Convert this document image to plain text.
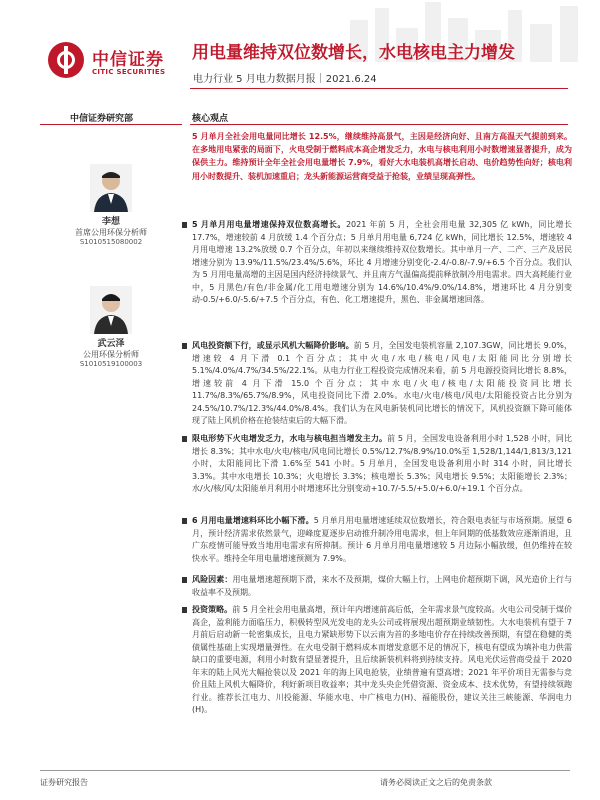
中信证券
CITIC SECURITIES
用电量维持双位数增长，水电核电主力增发
电力行业 5 月电力数据月报｜2021.6.24
中信证券研究部	核心观点
5 月单月全社会用电量同比增长 12.5%，继续维持高景气，主因是经济向好、且南方高温天气提前到来。在多地用电紧张的局面下，火电受制于燃料成本高企增发乏力，水电与核电利用小时数增速显著提升，成为保供主力。维持预计全年全社会用电量增长 7.9%，看好大水电装机高增长启动、电价趋势性向好；核电利用小时数提升、装机加速重启；龙头新能源运营商受益于抢装，业绩呈现高弹性。
李想
首席公用环保分析师
S1010515080002
武云泽
公用环保分析师
S1010519100003
5 月单月用电量增速保持双位数高增长。2021 年前 5 月，全社会用电量 32,305 亿 kWh，同比增长 17.7%，增速较前 4 月放缓 1.4 个百分点；5 月单月用电量 6,724 亿 kWh，同比增长 12.5%，增速较 4 月用电增速 13.2%放缓 0.7 个百分点，年初以来继续维持双位数增长。其中单月一产、二产、三产及居民增速分别为 13.9%/11.5%/23.4%/5.6%，环比 4 月增速分别变化-2.4/-0.8/-7.9/+6.5 个百分点。我们认为 5 月用电量高增的主因是国内经济持续景气、并且南方气温偏高提前释放制冷用电需求。四大高耗能行业中，5 月黑色/有色/非金属/化工用电增速分别为 14.6%/10.4%/9.0%/14.8%，增速环比 4 月分别变动-0.5/+6.0/-5.6/+7.5 个百分点，有色、化工增速提升，黑色、非金属增速回落。
风电投资额下行，或显示风机大幅降价影响。前 5 月，全国发电装机容量 2,107.3GW，同比增长 9.0%，增速较 4 月下滑 0.1 个百分点；其中火电/水电/核电/风电/太阳能同比分别增长 5.1%/4.0%/4.7%/34.5%/22.1%。从电力行业工程投资完成情况来看，前 5 月电源投资同比增长 8.8%，增速较前 4 月下滑 15.0 个百分点；其中水电/火电/核电/太阳能投资同比增长 11.7%/8.3%/65.7%/8.9%，风电投资同比下滑 2.0%。水电/火电/核电/风电/太阳能投资占比分别为 24.5%/10.7%/12.3%/44.0%/8.4%。我们认为在风电新装机同比增长的情况下，风机投资额下降可能体现了陆上风机价格在抢装结束后的大幅下滑。
限电形势下火电增发乏力，水电与核电担当增发主力。前 5 月，全国发电设备利用小时 1,528 小时，同比增长 8.3%；其中水电/火电/核电/风电同比增长 0.5%/12.7%/8.9%/10.0%至 1,528/1,144/1,813/3,121 小时，太阳能同比下滑 1.6%至 541 小时。5 月单月，全国发电设备利用小时 314 小时，同比增长 3.3%。其中水电增长 10.3%；火电增长 3.3%；核电增长 5.3%；风电增长 9.5%；太阳能增长 2.3%；水/火/核/风/太阳能单月利用小时增速环比分别变动+10.7/-5.5/+5.0/+6.0/+19.1 个百分点。
6 月用电量增速料环比小幅下滑。5 月单月用电量增速延续双位数增长，符合限电表征与市场预期。展望 6 月，预计经济需求依然景气，迎峰度夏逐步启动推升制冷用电需求，但上年同期的低基数效应逐渐消退，且广东疫情可能导致当地用电需求有所抑制。预计 6 月单月用电量增速较 5 月边际小幅放缓，但仍维持在较快水平。维持全年用电量增速预测为 7.9%。
风险因素：用电量增速超预期下滑，来水不及预期，煤价大幅上行，上网电价超预期下调，风光造价上行与收益率不及预期。
投资策略。前 5 月全社会用电量高增，预计年内增速前高后低，全年需求景气度较高。火电公司受制于煤价高企，盈利能力面临压力，积极转型风光发电的龙头公司或将展现出超预期业绩韧性。大水电装机有望于 7 月前后启动新一轮密集成长，且电力紧缺形势下以云南为首的多地电价存在持续改善预期，有望在稳健的类债属性基础上实现增量弹性。在火电受制于燃料成本而增发意愿不足的情况下，核电有望成为填补电力供需缺口的重要电源，利用小时数有望显著提升，且后续新装机料将到持续支持。风电光伏运营商受益于 2020 年末的陆上风光大幅抢装以及 2021 年的海上风电抢装，业绩普遍有望高增；2021 年平价项目无需参与竞价且陆上风机大幅降价，利好新项目收益率；其中龙头央企凭借资源、资金成本、技术优势，有望持续领跑行业。推荐长江电力、川投能源、华能水电、中广核电力(H)、福能股份，建议关注三峡能源、华润电力(H)。
证券研究报告	请务必阅读正文之后的免责条款
